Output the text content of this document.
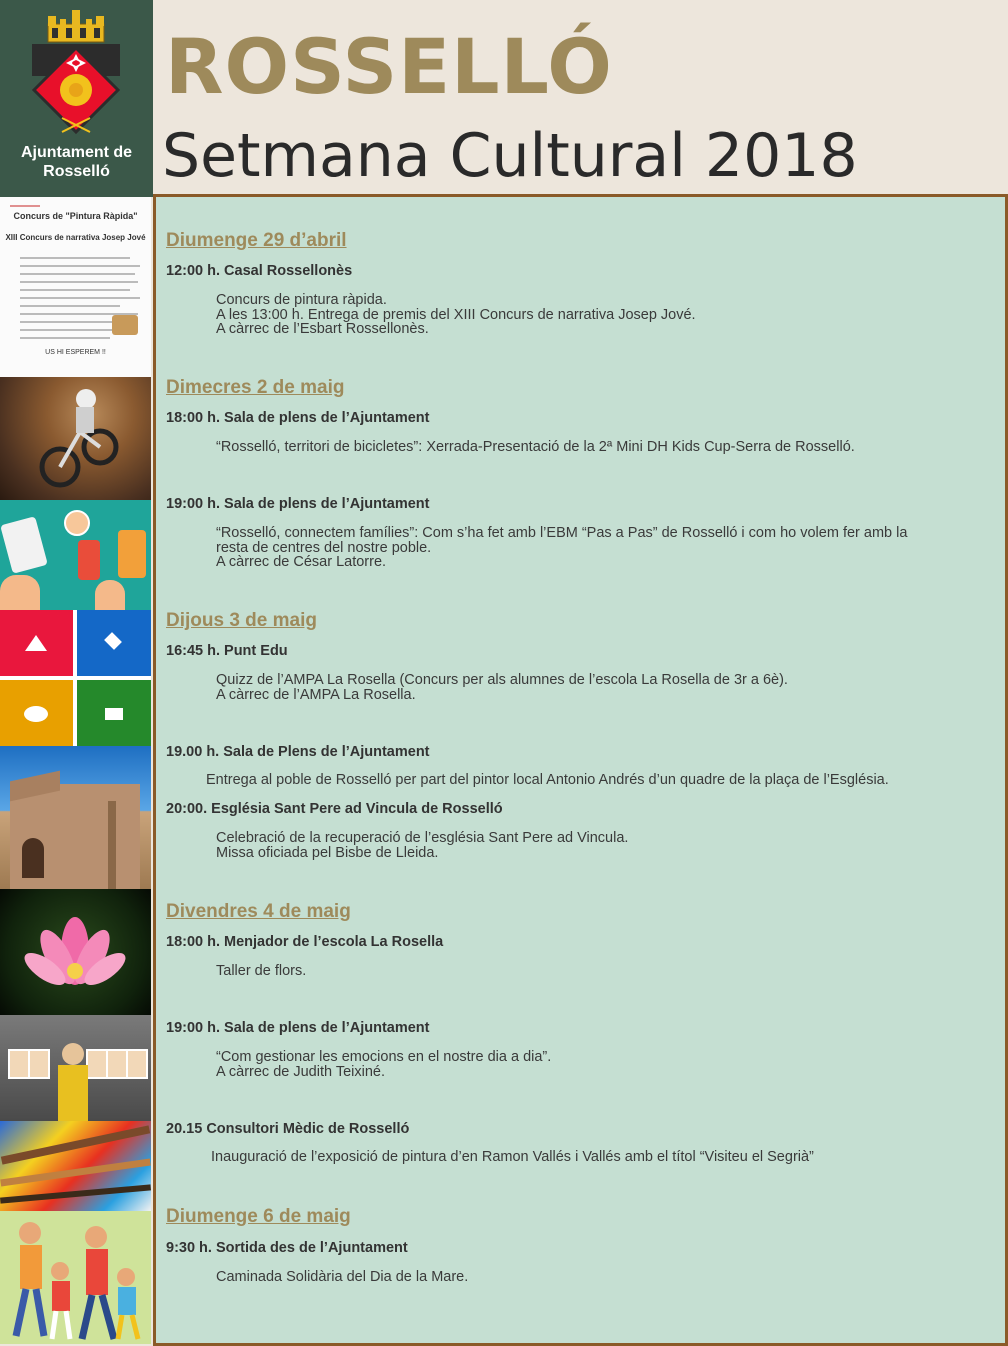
Ajuntament de
Rosselló
ROSSELLÓ
Setmana Cultural 2018
Concurs de "Pintura Ràpida"
XIII Concurs de narrativa Josep Jové
US HI ESPEREM !!
Diumenge 29 d’abril
12:00 h. Casal Rossellonès
Concurs de pintura ràpida.
A les 13:00 h. Entrega de premis del XIII Concurs de narrativa Josep Jové.
A càrrec de l’Esbart Rossellonès.
Dimecres 2 de maig
18:00 h. Sala de plens de l’Ajuntament
“Rosselló, territori de bicicletes”: Xerrada-Presentació de la 2ª Mini DH Kids Cup-Serra de Rosselló.
19:00 h. Sala de plens de l’Ajuntament
“Rosselló, connectem famílies”: Com s’ha fet amb l’EBM “Pas a Pas” de Rosselló i com ho volem fer amb la
resta de centres del nostre poble.
A càrrec de César Latorre.
Dijous 3 de maig
16:45 h. Punt Edu
Quizz de l’AMPA La Rosella (Concurs per als alumnes de l’escola La Rosella de 3r a 6è).
A càrrec de l’AMPA La Rosella.
19.00 h. Sala de Plens de l’Ajuntament
Entrega al poble de Rosselló per part del pintor local Antonio Andrés d’un quadre de la plaça de l’Església.
20:00. Església Sant Pere ad Vincula de Rosselló
Celebració de la recuperació de l’església Sant Pere ad Vincula.
Missa oficiada pel Bisbe de Lleida.
Divendres 4 de maig
18:00 h. Menjador de l’escola La Rosella
Taller de flors.
19:00 h. Sala de plens de l’Ajuntament
“Com gestionar les emocions en el nostre dia a dia”.
A càrrec de Judith Teixiné.
20.15 Consultori Mèdic de Rosselló
Inauguració de l’exposició de pintura d’en Ramon Vallés i Vallés amb el títol “Visiteu el Segrià”
Diumenge 6 de maig
9:30 h. Sortida des de l’Ajuntament
Caminada Solidària del Dia de la Mare.
